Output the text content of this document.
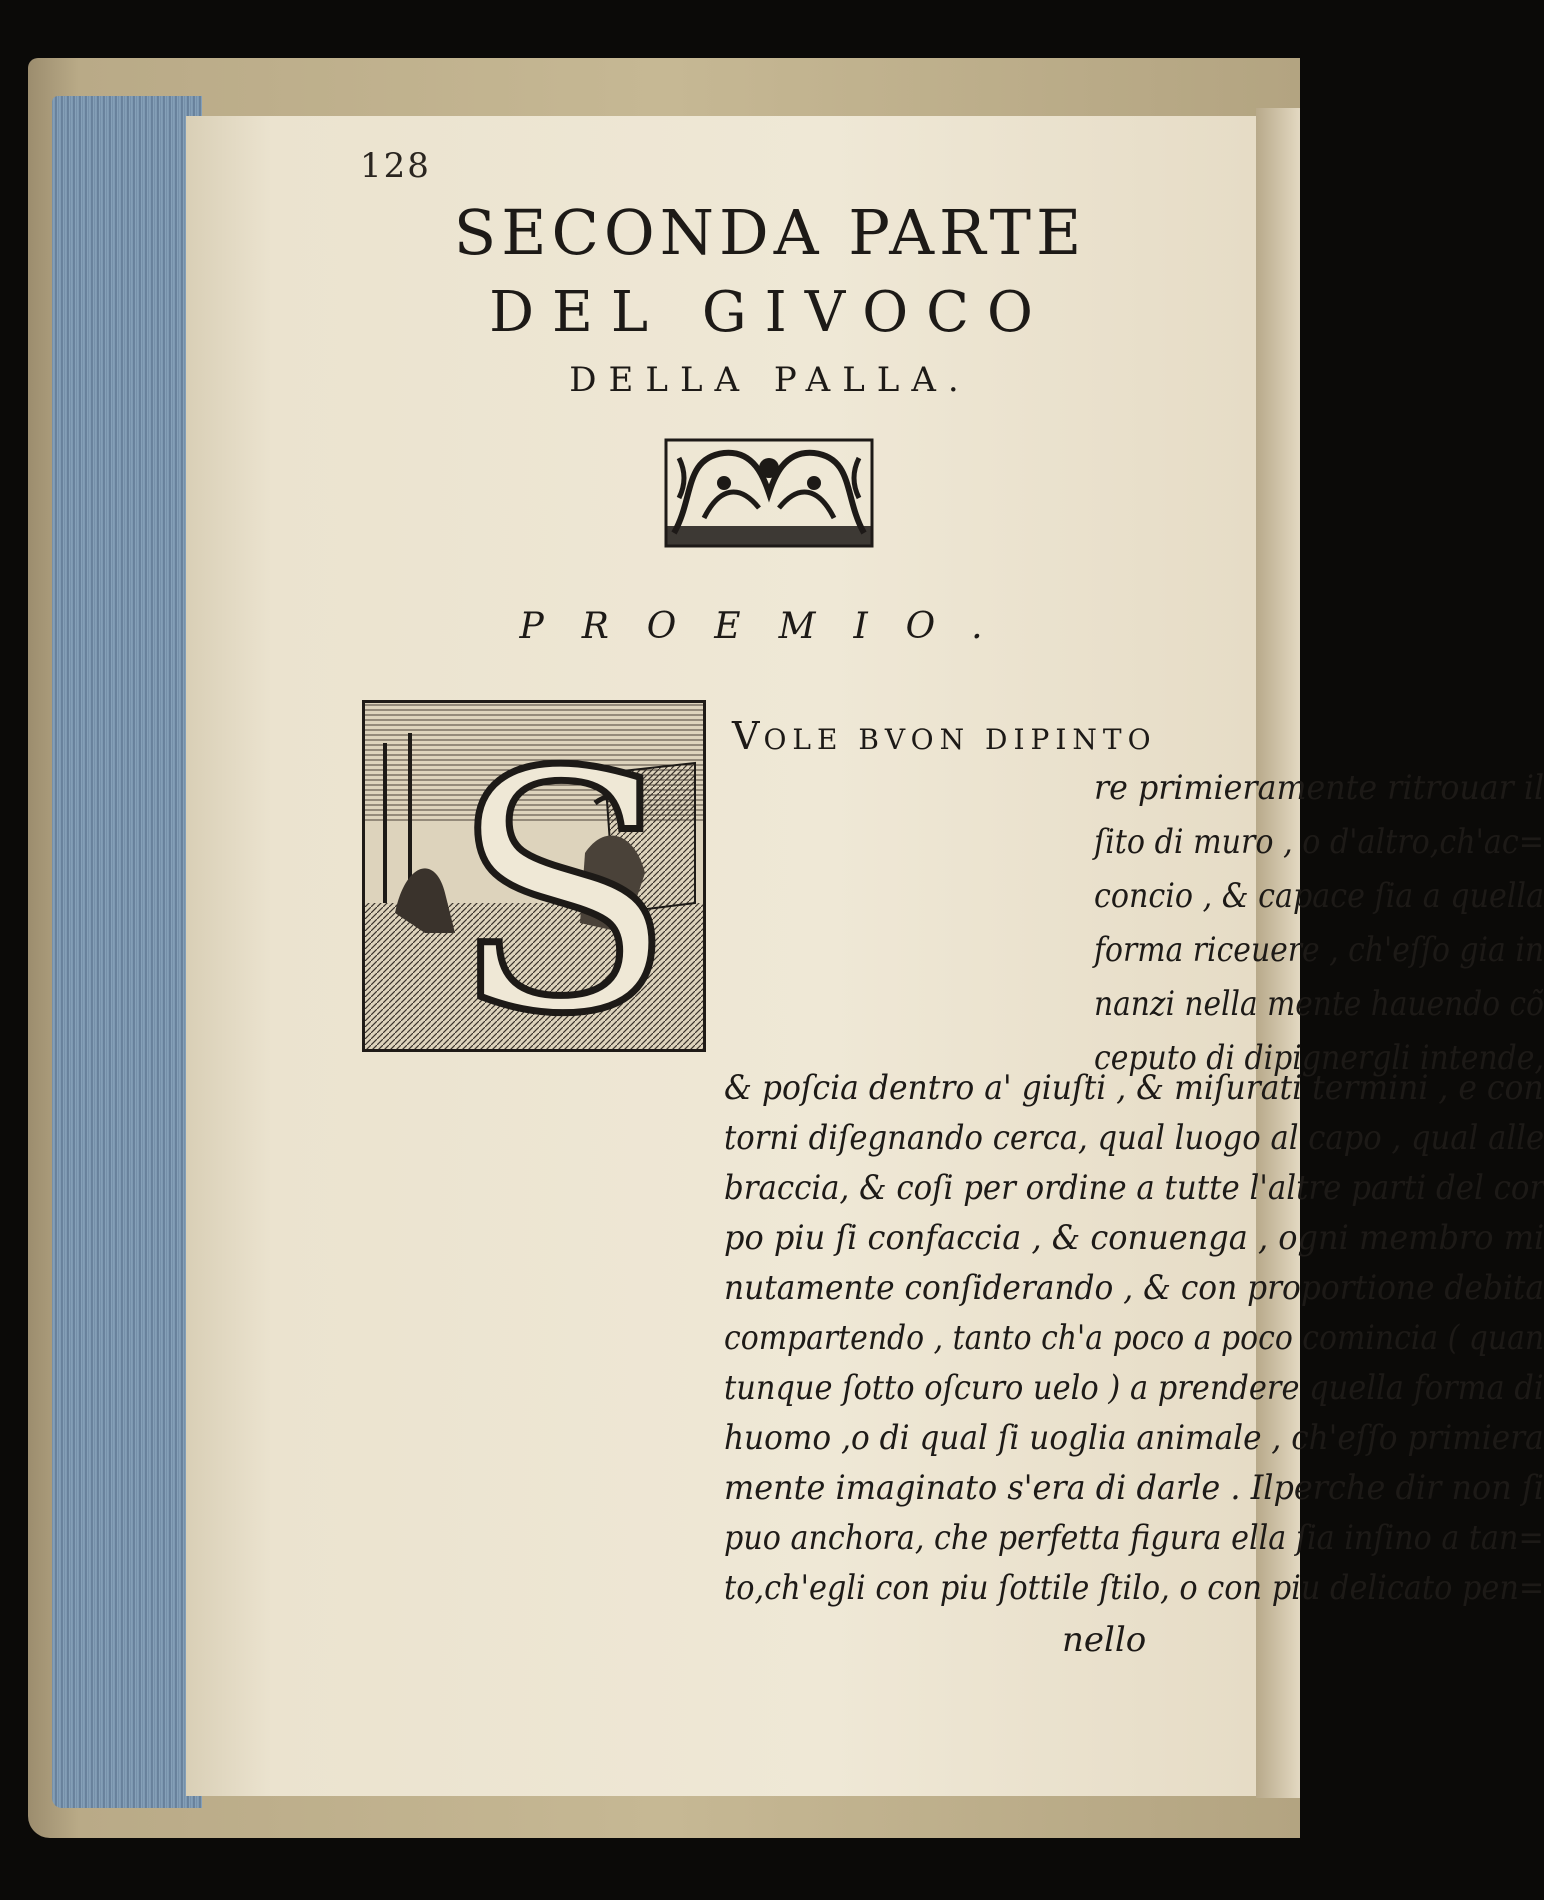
128
SECONDA PARTE
DEL GIVOCO
DELLA PALLA.
PROEMIO.
S VOLE BVON DIPINTO
re primieramente ritrouar il
ſito di muro , o d'altro,ch'ac=
concio , & capace ſia a quella
forma riceuere , ch'eſſo gia in
nanzi nella mente hauendo cõ
ceputo di dipignergli intende,
& poſcia dentro a' giuſti , & miſurati termini , e con
torni diſegnando cerca, qual luogo al capo , qual alle
braccia, & coſi per ordine a tutte l'altre parti del cor
po piu ſi confaccia , & conuenga , ogni membro mi
nutamente conſiderando , & con proportione debita
compartendo , tanto ch'a poco a poco comincia ( quan
tunque ſotto oſcuro uelo ) a prendere quella forma di
huomo ,o di qual ſi uoglia animale , ch'eſſo primiera
mente imaginato s'era di darle . Ilperche dir non ſi
puo anchora, che perfetta figura ella ſia inſino a tan=
to,ch'egli con piu ſottile ſtilo, o con piu delicato pen=
nello
